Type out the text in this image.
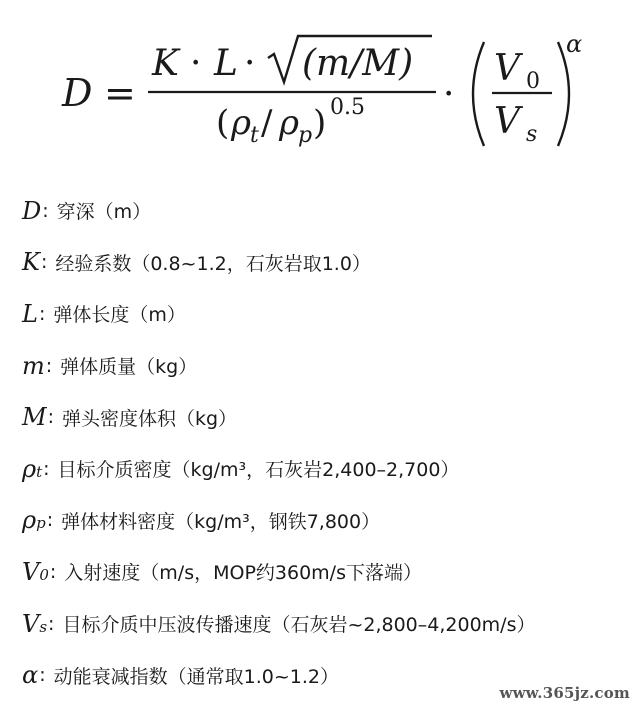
D =
K · L · (m/M)
( ρ t / ρ p ) 0.5 ·
V 0
V s
α
D : 穿深（m）
K : 经验系数（0.8~1.2，石灰岩取1.0）
L : 弹体长度（m）
m : 弹体质量（kg）
M : 弹头密度体积（kg）
ρ t : 目标介质密度（kg/m³，石灰岩2,400–2,700）
ρ p : 弹体材料密度（kg/m³，钢铁7,800）
V 0 : 入射速度（m/s，MOP约360m/s下落端）
V s : 目标介质中压波传播速度（石灰岩~2,800–4,200m/s）
α : 动能衰减指数（通常取1.0~1.2）
www.365jz.com
